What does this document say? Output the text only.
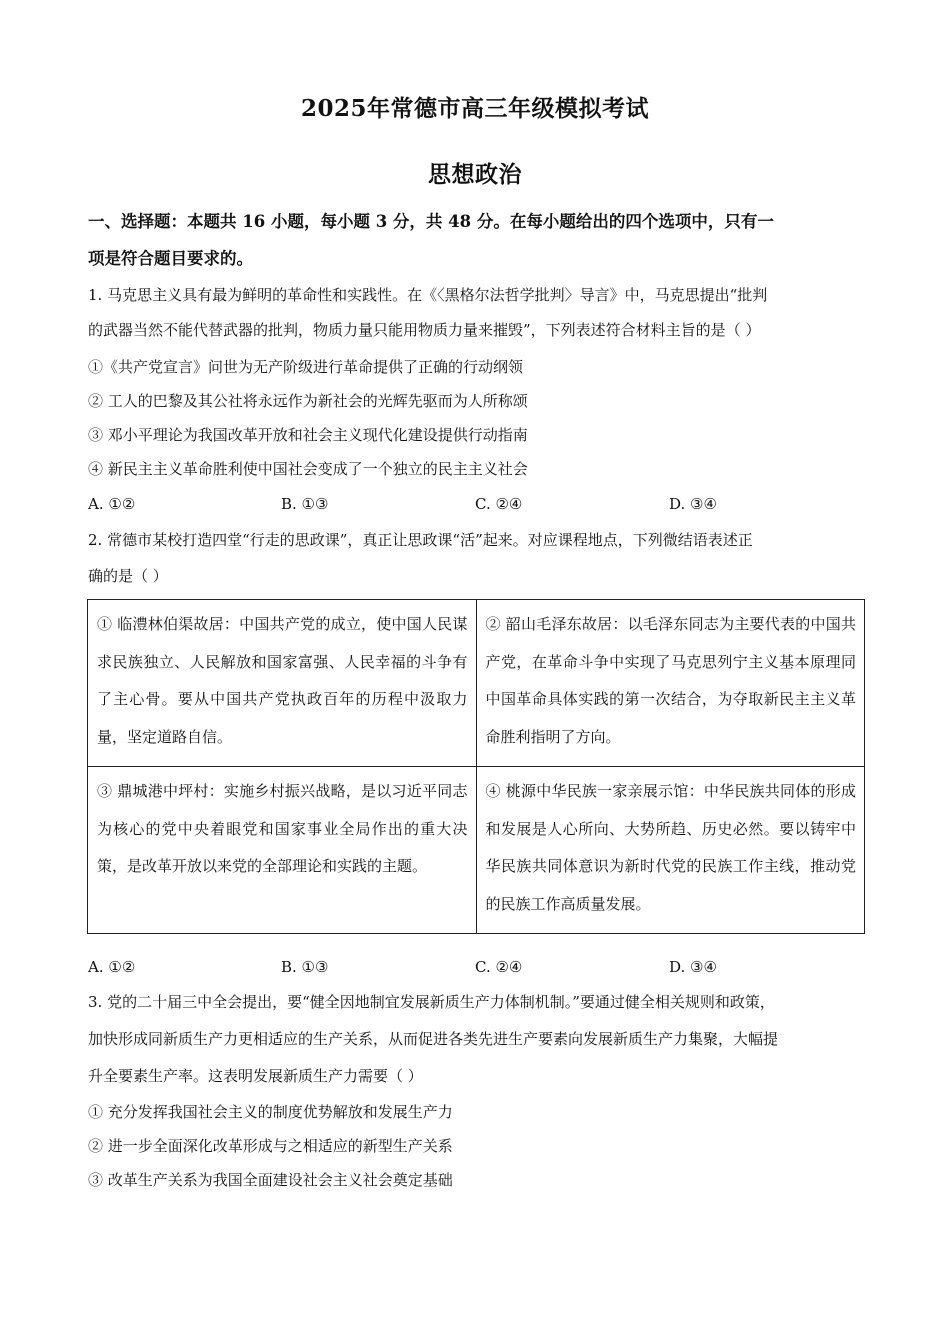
2025年常德市高三年级模拟考试
思想政治
一、选择题：本题共 16 小题，每小题 3 分，共 48 分。在每小题给出的四个选项中，只有一
项是符合题目要求的。
1. 马克思主义具有最为鲜明的革命性和实践性。在《〈黑格尔法哲学批判〉导言》中，马克思提出“批判
的武器当然不能代替武器的批判，物质力量只能用物质力量来摧毁”，下列表述符合材料主旨的是（ ）
①《共产党宣言》问世为无产阶级进行革命提供了正确的行动纲领
② 工人的巴黎及其公社将永远作为新社会的光辉先驱而为人所称颂
③ 邓小平理论为我国改革开放和社会主义现代化建设提供行动指南
④ 新民主主义革命胜利使中国社会变成了一个独立的民主主义社会
A. ①②	B. ①③	C. ②④	D. ③④
2. 常德市某校打造四堂“行走的思政课”，真正让思政课“活”起来。对应课程地点，下列微结语表述正
确的是（ ）
① 临澧林伯渠故居：中国共产党的成立，使中国人民谋求民族独立、人民解放和国家富强、人民幸福的斗争有了主心骨。要从中国共产党执政百年的历程中汲取力量，坚定道路自信。	② 韶山毛泽东故居：以毛泽东同志为主要代表的中国共产党，在革命斗争中实现了马克思列宁主义基本原理同中国革命具体实践的第一次结合，为夺取新民主主义革命胜利指明了方向。
③ 鼎城港中坪村：实施乡村振兴战略，是以习近平同志为核心的党中央着眼党和国家事业全局作出的重大决策，是改革开放以来党的全部理论和实践的主题。	④ 桃源中华民族一家亲展示馆：中华民族共同体的形成和发展是人心所向、大势所趋、历史必然。要以铸牢中华民族共同体意识为新时代党的民族工作主线，推动党的民族工作高质量发展。
A. ①②	B. ①③	C. ②④	D. ③④
3. 党的二十届三中全会提出，要“健全因地制宜发展新质生产力体制机制。”要通过健全相关规则和政策，
加快形成同新质生产力更相适应的生产关系，从而促进各类先进生产要素向发展新质生产力集聚，大幅提
升全要素生产率。这表明发展新质生产力需要（ ）
① 充分发挥我国社会主义的制度优势解放和发展生产力
② 进一步全面深化改革形成与之相适应的新型生产关系
③ 改革生产关系为我国全面建设社会主义社会奠定基础
